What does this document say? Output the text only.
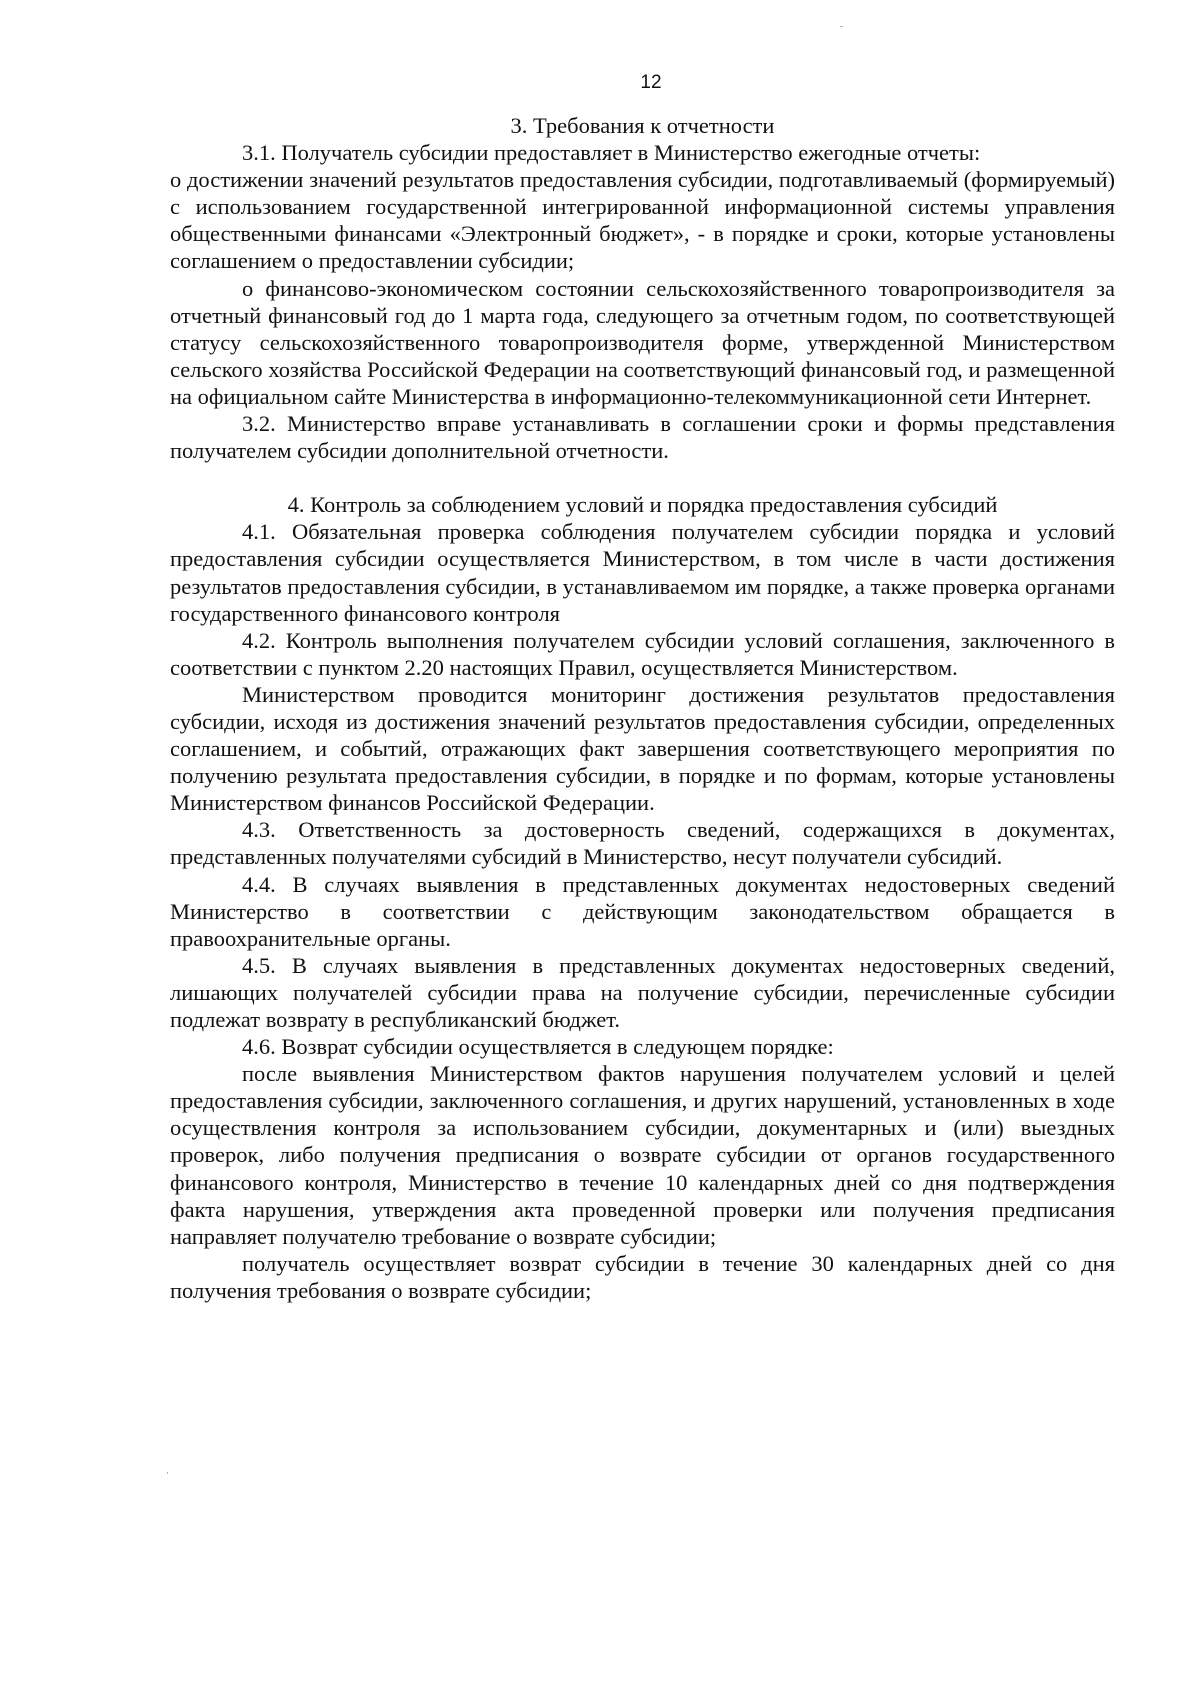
12

3. Требования к отчетности

3.1. Получатель субсидии предоставляет в Министерство ежегодные отчеты:

о достижении значений результатов предоставления субсидии, подготавливаемый (формируемый) с использованием государственной интегрированной информационной системы управления общественными финансами «Электронный бюджет», - в порядке и сроки, которые установлены соглашением о предоставлении субсидии;

о финансово-экономическом состоянии сельскохозяйственного товаропроизводителя за отчетный финансовый год до 1 марта года, следующего за отчетным годом, по соответствующей статусу сельскохозяйственного товаропроизводителя форме, утвержденной Министерством сельского хозяйства Российской Федерации на соответствующий финансовый год, и размещенной на официальном сайте Министерства в информационно-телекоммуникационной сети Интернет.

3.2. Министерство вправе устанавливать в соглашении сроки и формы представления получателем субсидии дополнительной отчетности.

4. Контроль за соблюдением условий и порядка предоставления субсидий

4.1. Обязательная проверка соблюдения получателем субсидии порядка и условий предоставления субсидии осуществляется Министерством, в том числе в части достижения результатов предоставления субсидии, в устанавливаемом им порядке, а также проверка органами государственного финансового контроля

4.2. Контроль выполнения получателем субсидии условий соглашения, заключенного в соответствии с пунктом 2.20 настоящих Правил, осуществляется Министерством.

Министерством проводится мониторинг достижения результатов предоставления субсидии, исходя из достижения значений результатов предоставления субсидии, определенных соглашением, и событий, отражающих факт завершения соответствующего мероприятия по получению результата предоставления субсидии, в порядке и по формам, которые установлены Министерством финансов Российской Федерации.

4.3. Ответственность за достоверность сведений, содержащихся в документах, представленных получателями субсидий в Министерство, несут получатели субсидий.

4.4. В случаях выявления в представленных документах недостоверных сведений Министерство в соответствии с действующим законодательством обращается в правоохранительные органы.

4.5. В случаях выявления в представленных документах недостоверных сведений, лишающих получателей субсидии права на получение субсидии, перечисленные субсидии подлежат возврату в республиканский бюджет.

4.6. Возврат субсидии осуществляется в следующем порядке:

после выявления Министерством фактов нарушения получателем условий и целей предоставления субсидии, заключенного соглашения, и других нарушений, установленных в ходе осуществления контроля за использованием субсидии, документарных и (или) выездных проверок, либо получения предписания о возврате субсидии от органов государственного финансового контроля, Министерство в течение 10 календарных дней со дня подтверждения факта нарушения, утверждения акта проведенной проверки или получения предписания направляет получателю требование о возврате субсидии;

получатель осуществляет возврат субсидии в течение 30 календарных дней со дня получения требования о возврате субсидии;
